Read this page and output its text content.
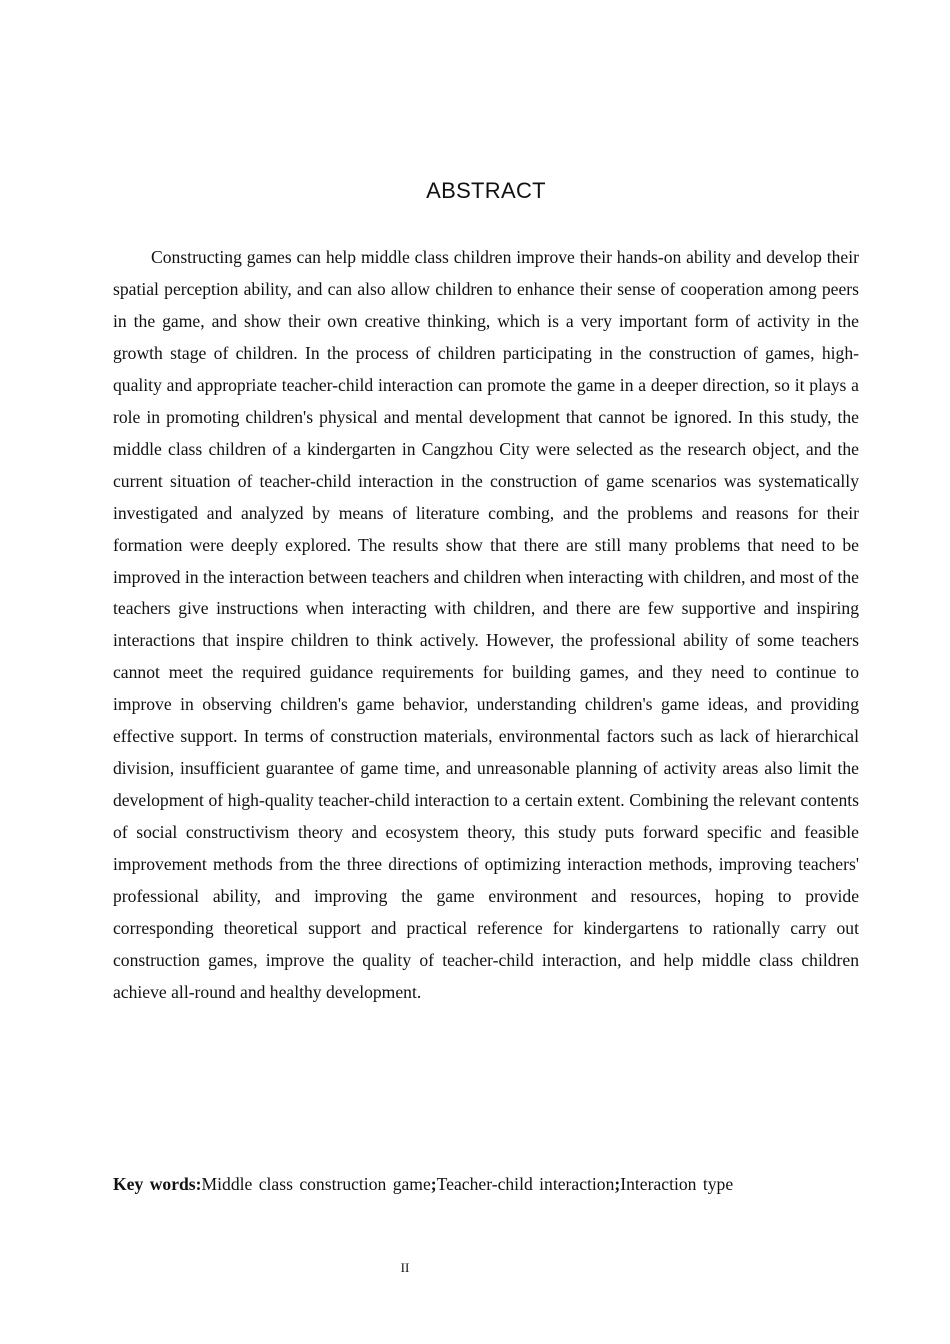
ABSTRACT

Constructing games can help middle class children improve their hands-on ability and develop their spatial perception ability, and can also allow children to enhance their sense of cooperation among peers in the game, and show their own creative thinking, which is a very important form of activity in the growth stage of children. In the process of children participating in the construction of games, high-quality and appropriate teacher-child interaction can promote the game in a deeper direction, so it plays a role in promoting children's physical and mental development that cannot be ignored. In this study, the middle class children of a kindergarten in Cangzhou City were selected as the research object, and the current situation of teacher-child interaction in the construction of game scenarios was systematically investigated and analyzed by means of literature combing, and the problems and reasons for their formation were deeply explored. The results show that there are still many problems that need to be improved in the interaction between teachers and children when interacting with children, and most of the teachers give instructions when interacting with children, and there are few supportive and inspiring interactions that inspire children to think actively. However, the professional ability of some teachers cannot meet the required guidance requirements for building games, and they need to continue to improve in observing children's game behavior, understanding children's game ideas, and providing effective support. In terms of construction materials, environmental factors such as lack of hierarchical division, insufficient guarantee of game time, and unreasonable planning of activity areas also limit the development of high-quality teacher-child interaction to a certain extent. Combining the relevant contents of social constructivism theory and ecosystem theory, this study puts forward specific and feasible improvement methods from the three directions of optimizing interaction methods, improving teachers' professional ability, and improving the game environment and resources, hoping to provide corresponding theoretical support and practical reference for kindergartens to rationally carry out construction games, improve the quality of teacher-child interaction, and help middle class children achieve all-round and healthy development.

Key words:Middle class construction game;Teacher-child interaction;Interaction type

II
